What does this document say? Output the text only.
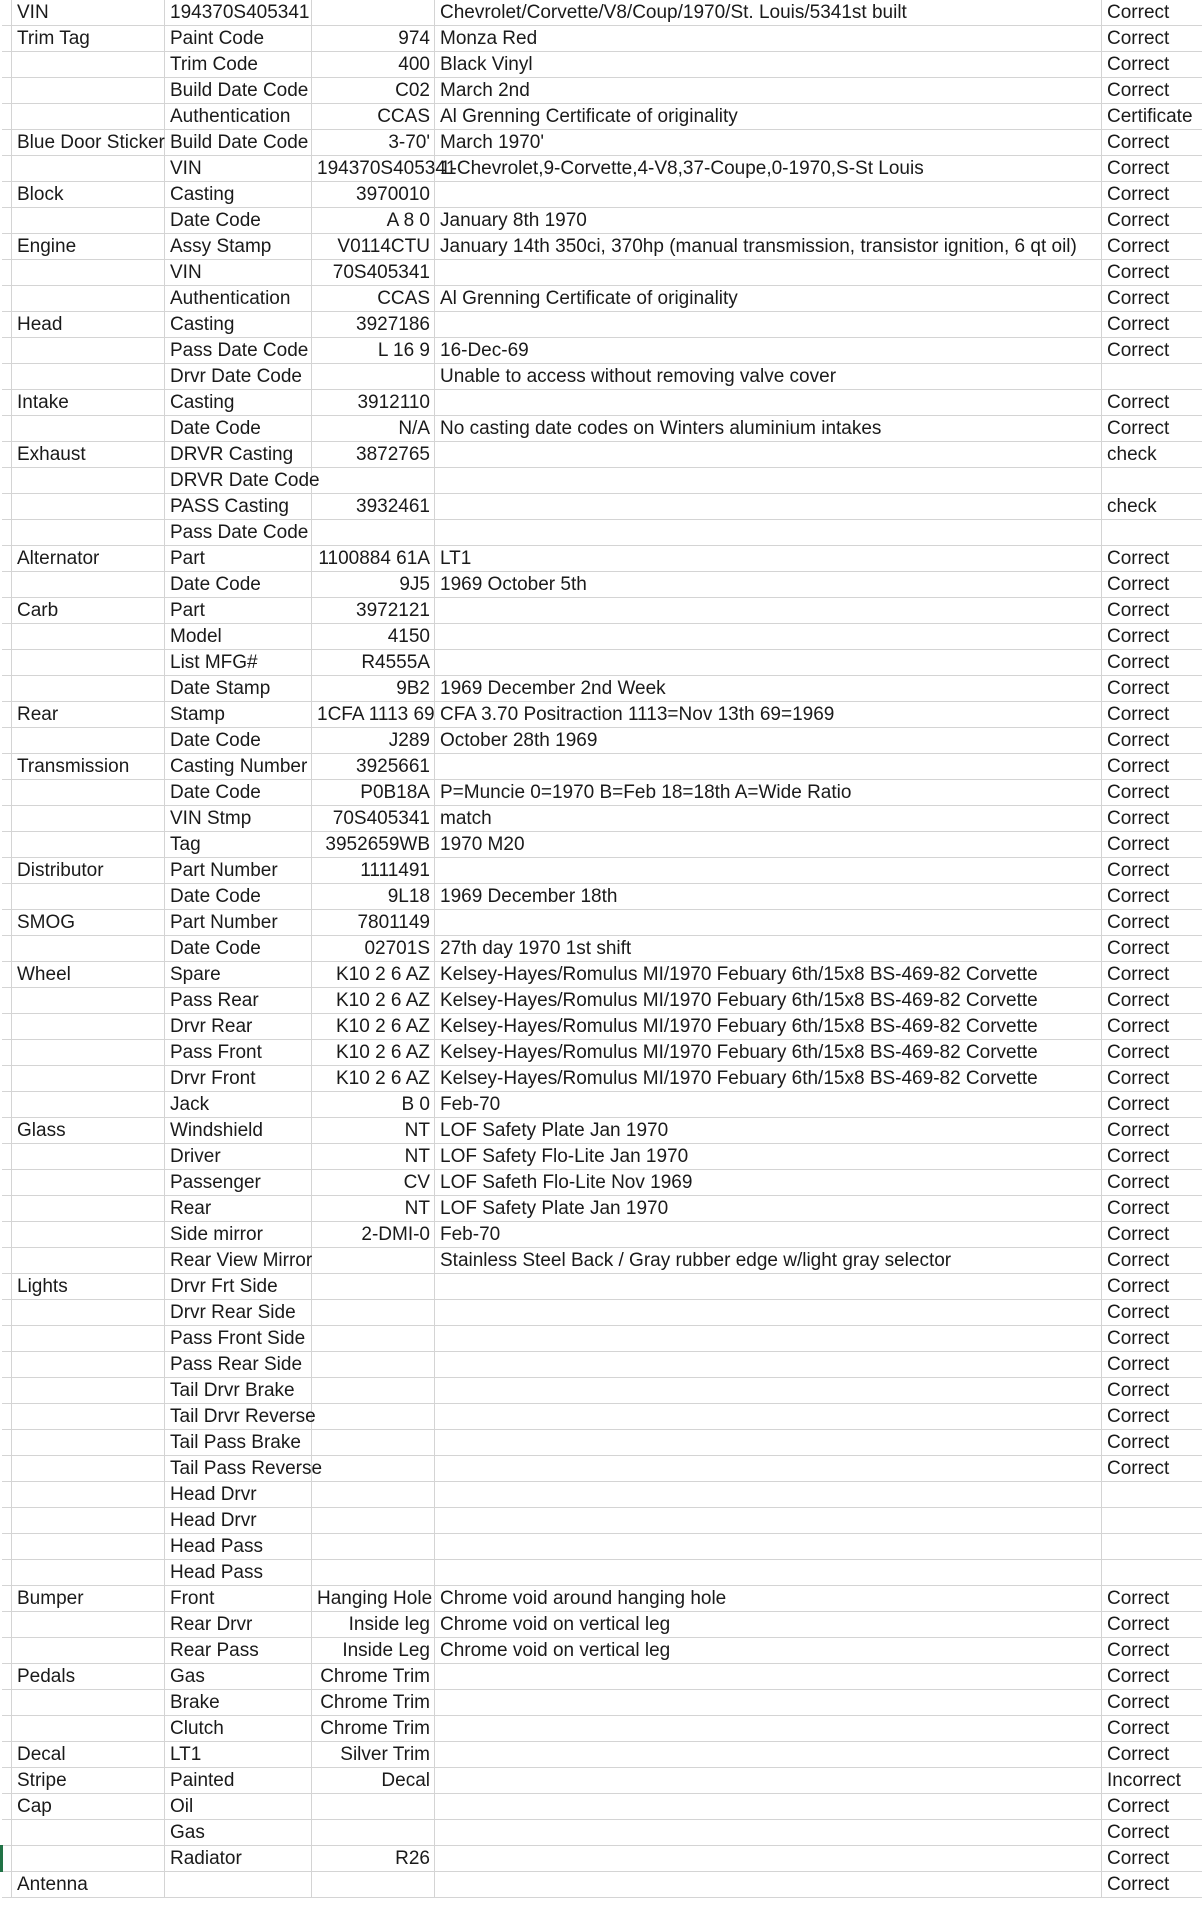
	VIN	194370S405341		Chevrolet/Corvette/V8/Coup/1970/St. Louis/5341st built	Correct
	Trim Tag	Paint Code	974	Monza Red	Correct
		Trim Code	400	Black Vinyl	Correct
		Build Date Code	C02	March 2nd	Correct
		Authentication	CCAS	Al Grenning Certificate of originality	Certificate
	Blue Door Sticker	Build Date Code	3-70'	March 1970'	Correct
		VIN	194370S405341	1-Chevrolet,9-Corvette,4-V8,37-Coupe,0-1970,S-St Louis	Correct
	Block	Casting	3970010		Correct
		Date Code	A 8 0	January 8th 1970	Correct
	Engine	Assy Stamp	V0114CTU	January 14th 350ci, 370hp (manual transmission, transistor ignition, 6 qt oil)	Correct
		VIN	70S405341		Correct
		Authentication	CCAS	Al Grenning Certificate of originality	Correct
	Head	Casting	3927186		Correct
		Pass Date Code	L 16 9	16-Dec-69	Correct
		Drvr Date Code		Unable to access without removing valve cover	
	Intake	Casting	3912110		Correct
		Date Code	N/A	No casting date codes on Winters aluminium intakes	Correct
	Exhaust	DRVR Casting	3872765		check
		DRVR Date Code			
		PASS Casting	3932461		check
		Pass Date Code			
	Alternator	Part	1100884 61A	LT1	Correct
		Date Code	9J5	1969 October 5th	Correct
	Carb	Part	3972121		Correct
		Model	4150		Correct
		List MFG#	R4555A		Correct
		Date Stamp	9B2	1969 December 2nd Week	Correct
	Rear	Stamp	1CFA 1113 69	CFA 3.70 Positraction 1113=Nov 13th 69=1969	Correct
		Date Code	J289	October 28th 1969	Correct
	Transmission	Casting Number	3925661		Correct
		Date Code	P0B18A	P=Muncie 0=1970 B=Feb 18=18th A=Wide Ratio	Correct
		VIN Stmp	70S405341	match	Correct
		Tag	3952659WB	1970 M20	Correct
	Distributor	Part Number	1111491		Correct
		Date Code	9L18	1969 December 18th	Correct
	SMOG	Part Number	7801149		Correct
		Date Code	02701S	27th day 1970 1st shift	Correct
	Wheel	Spare	K10 2 6 AZ	Kelsey-Hayes/Romulus MI/1970 Febuary 6th/15x8 BS-469-82 Corvette	Correct
		Pass Rear	K10 2 6 AZ	Kelsey-Hayes/Romulus MI/1970 Febuary 6th/15x8 BS-469-82 Corvette	Correct
		Drvr Rear	K10 2 6 AZ	Kelsey-Hayes/Romulus MI/1970 Febuary 6th/15x8 BS-469-82 Corvette	Correct
		Pass Front	K10 2 6 AZ	Kelsey-Hayes/Romulus MI/1970 Febuary 6th/15x8 BS-469-82 Corvette	Correct
		Drvr Front	K10 2 6 AZ	Kelsey-Hayes/Romulus MI/1970 Febuary 6th/15x8 BS-469-82 Corvette	Correct
		Jack	B 0	Feb-70	Correct
	Glass	Windshield	NT	LOF Safety Plate Jan 1970	Correct
		Driver	NT	LOF Safety Flo-Lite Jan 1970	Correct
		Passenger	CV	LOF Safeth Flo-Lite Nov 1969	Correct
		Rear	NT	LOF Safety Plate Jan 1970	Correct
		Side mirror	2-DMI-0	Feb-70	Correct
		Rear View Mirror		Stainless Steel Back / Gray rubber edge w/light gray selector	Correct
	Lights	Drvr Frt Side			Correct
		Drvr Rear Side			Correct
		Pass Front Side			Correct
		Pass Rear Side			Correct
		Tail Drvr Brake			Correct
		Tail Drvr Reverse			Correct
		Tail Pass Brake			Correct
		Tail Pass Reverse			Correct
		Head Drvr			
		Head Drvr			
		Head Pass			
		Head Pass			
	Bumper	Front	Hanging Hole	Chrome void around hanging hole	Correct
		Rear Drvr	Inside leg	Chrome void on vertical leg	Correct
		Rear Pass	Inside Leg	Chrome void on vertical leg	Correct
	Pedals	Gas	Chrome Trim		Correct
		Brake	Chrome Trim		Correct
		Clutch	Chrome Trim		Correct
	Decal	LT1	Silver Trim		Correct
	Stripe	Painted	Decal		Incorrect
	Cap	Oil			Correct
		Gas			Correct
		Radiator	R26		Correct
	Antenna				Correct
